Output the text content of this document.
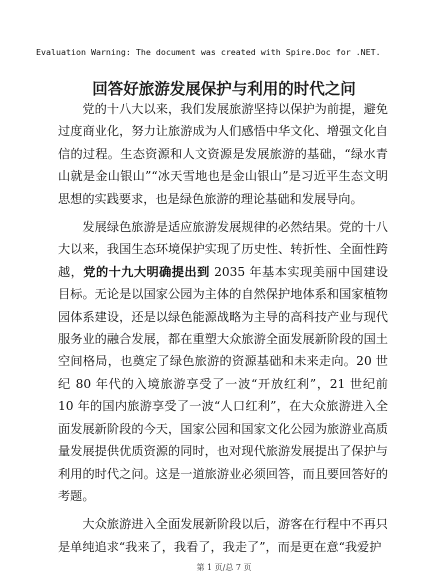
Evaluation Warning: The document was created with Spire.Doc for .NET.
回答好旅游发展保护与利用的时代之问

党的十八大以来，我们发展旅游坚持以保护为前提，避免过度商业化，努力让旅游成为人们感悟中华文化、增强文化自信的过程。生态资源和人文资源是发展旅游的基础，“绿水青山就是金山银山”“冰天雪地也是金山银山”是习近平生态文明思想的实践要求，也是绿色旅游的理论基础和发展导向。

发展绿色旅游是适应旅游发展规律的必然结果。党的十八大以来，我国生态环境保护实现了历史性、转折性、全面性跨越，党的十九大明确提出到 2035 年基本实现美丽中国建设目标。无论是以国家公园为主体的自然保护地体系和国家植物园体系建设，还是以绿色能源战略为主导的高科技产业与现代服务业的融合发展，都在重塑大众旅游全面发展新阶段的国土空间格局，也奠定了绿色旅游的资源基础和未来走向。20 世纪 80 年代的入境旅游享受了一波“开放红利”，21 世纪前 10 年的国内旅游享受了一波“人口红利”，在大众旅游进入全面发展新阶段的今天，国家公园和国家文化公园为旅游业高质量发展提供优质资源的同时，也对现代旅游发展提出了保护与利用的时代之问。这是一道旅游业必须回答，而且要回答好的考题。

大众旅游进入全面发展新阶段以后，游客在行程中不再只是单纯追求“我来了，我看了，我走了”，而是更在意“我爱护

第 1 页/总 7 页
